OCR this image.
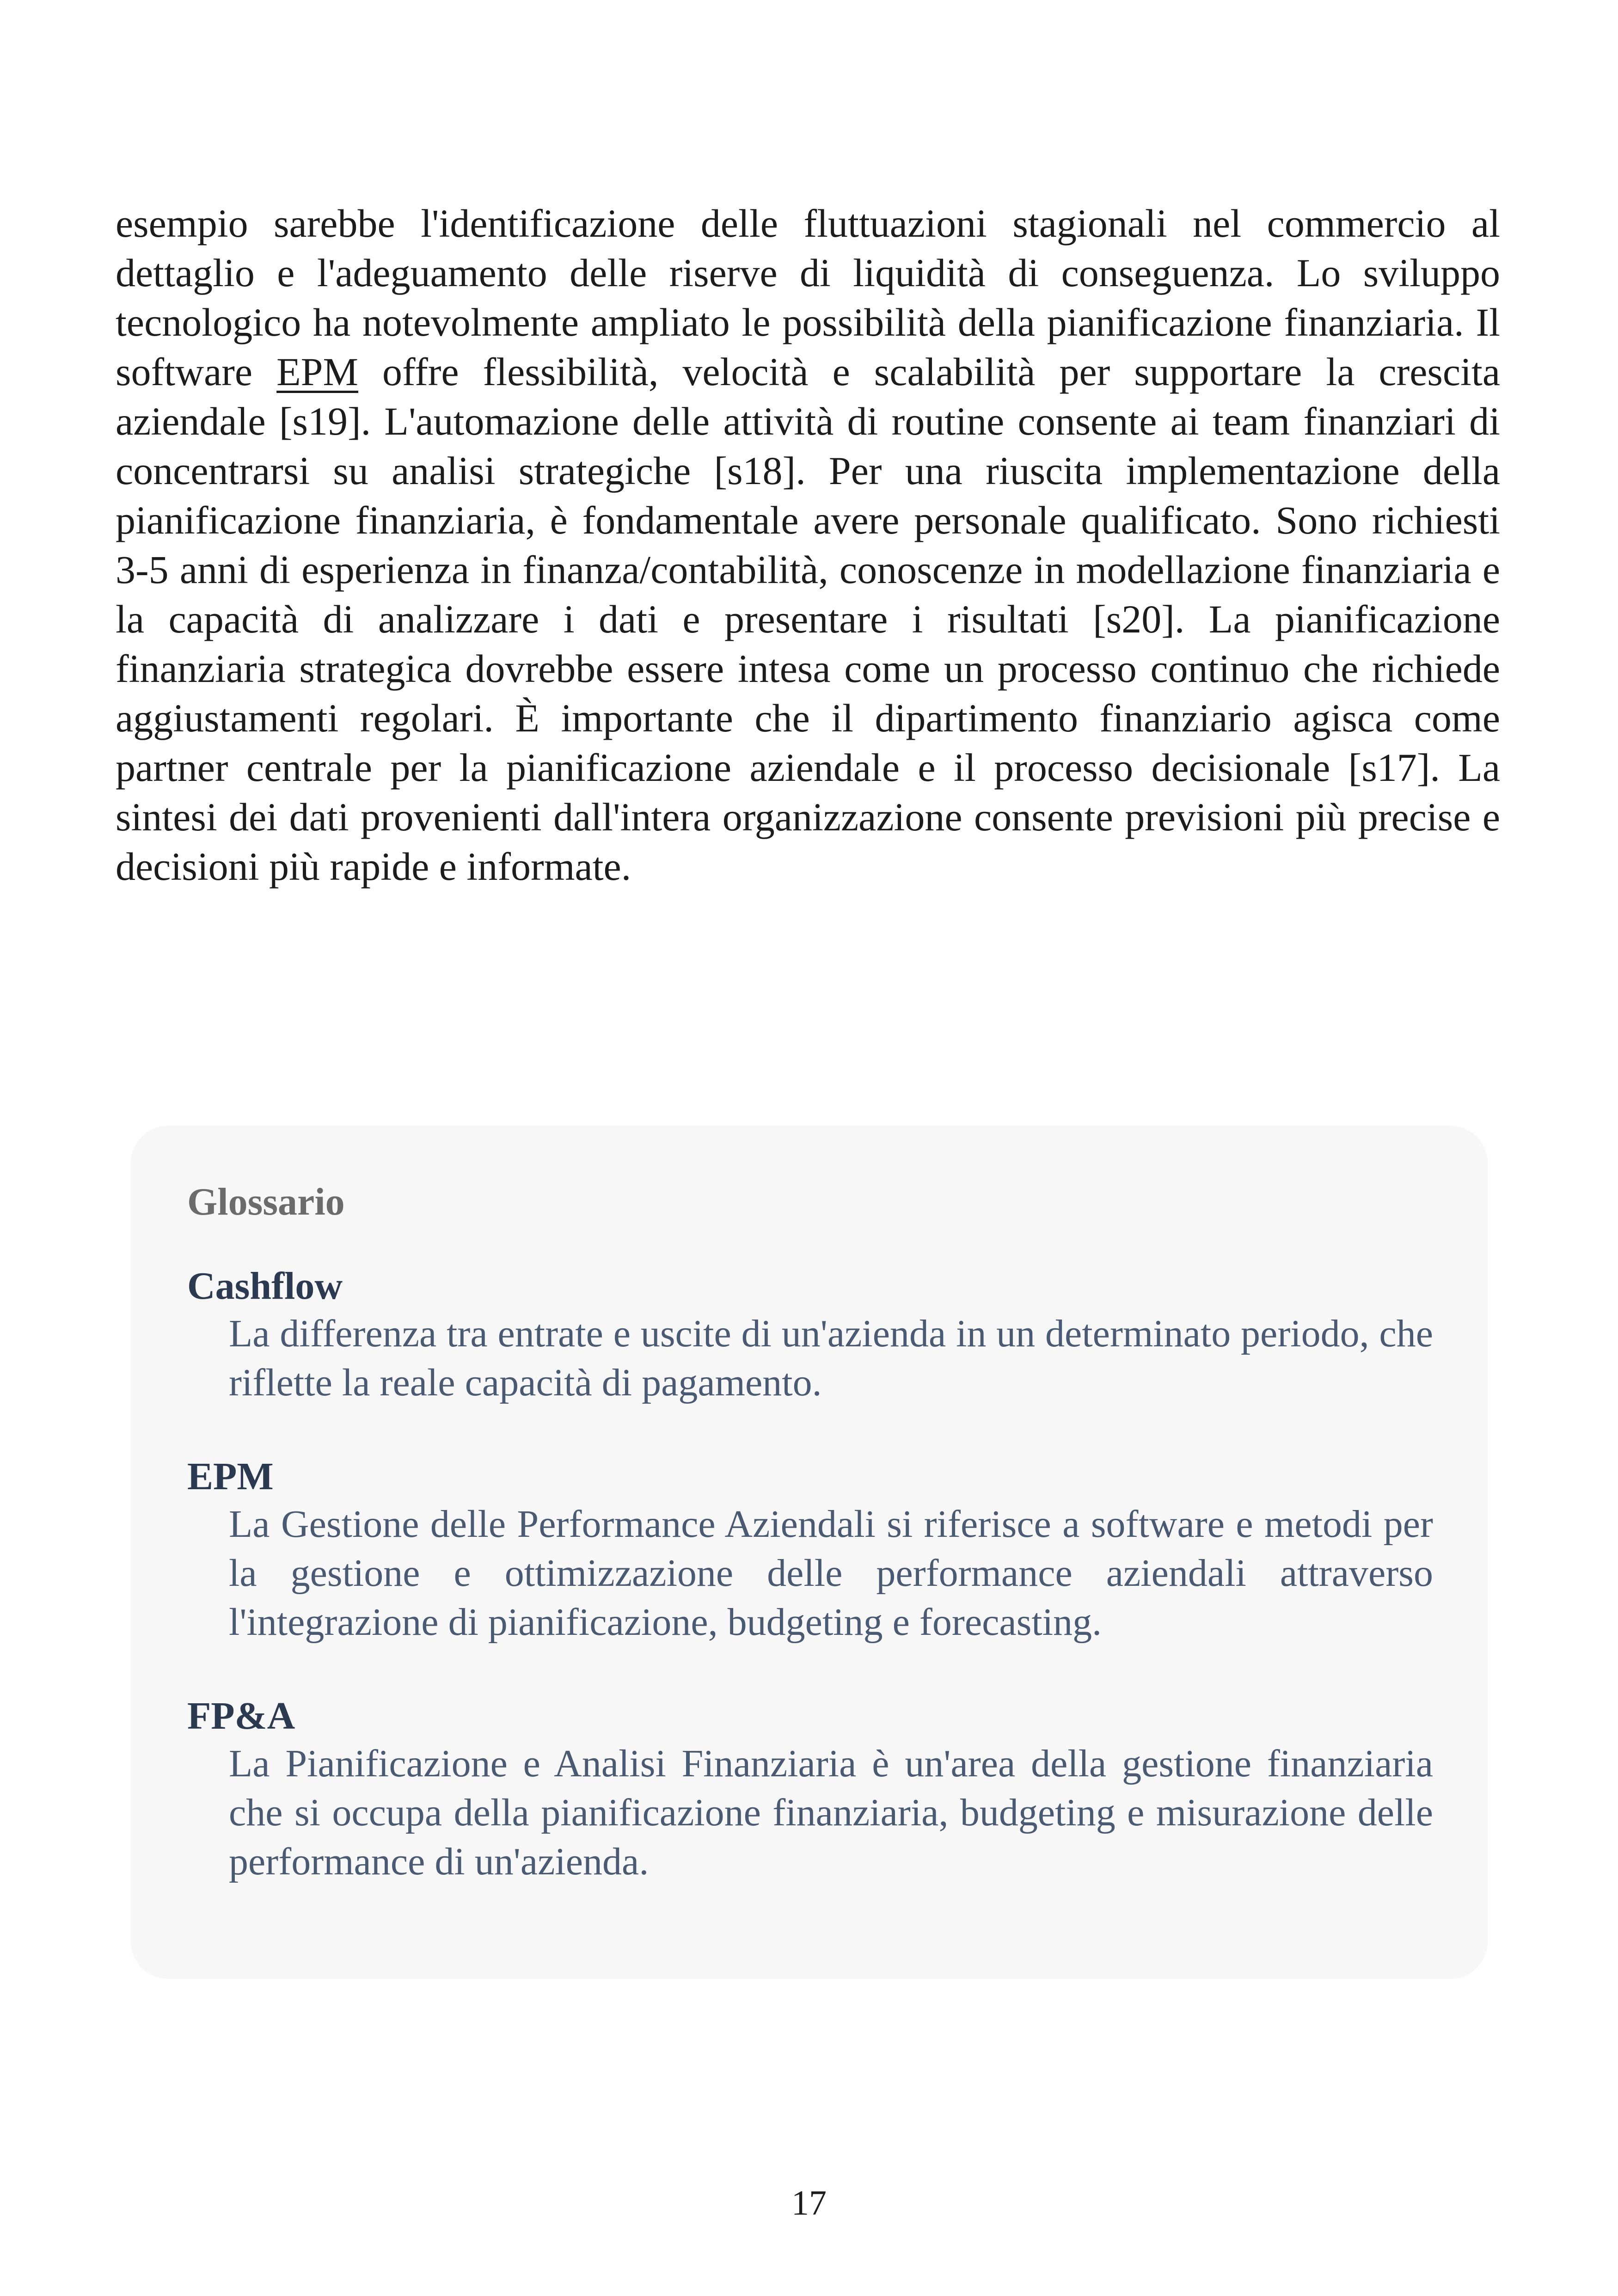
esempio sarebbe l'identificazione delle fluttuazioni stagionali nel commercio al dettaglio e l'adeguamento delle riserve di liquidità di conseguenza. Lo sviluppo tecnologico ha notevolmente ampliato le possibilità della pianificazione finanziaria. Il software EPM offre flessibilità, velocità e scalabilità per supportare la crescita aziendale [s19]. L'automazione delle attività di routine consente ai team finanziari di concentrarsi su analisi strategiche [s18]. Per una riuscita implementazione della pianificazione finanziaria, è fondamentale avere personale qualificato. Sono richiesti 3-5 anni di esperienza in finanza/contabilità, conoscenze in modellazione finanziaria e la capacità di analizzare i dati e presentare i risultati [s20]. La pianificazione finanziaria strategica dovrebbe essere intesa come un processo continuo che richiede aggiustamenti regolari. È importante che il dipartimento finanziario agisca come partner centrale per la pianificazione aziendale e il processo decisionale [s17]. La sintesi dei dati provenienti dall'intera organizzazione consente previsioni più precise e decisioni più rapide e informate.

Glossario
Cashflow
La differenza tra entrate e uscite di un'azienda in un determinato periodo, che riflette la reale capacità di pagamento.
EPM
La Gestione delle Performance Aziendali si riferisce a software e metodi per la gestione e ottimizzazione delle performance aziendali attraverso l'integrazione di pianificazione, budgeting e forecasting.
FP&A
La Pianificazione e Analisi Finanziaria è un'area della gestione finanziaria che si occupa della pianificazione finanziaria, budgeting e misurazione delle performance di un'azienda.
17
